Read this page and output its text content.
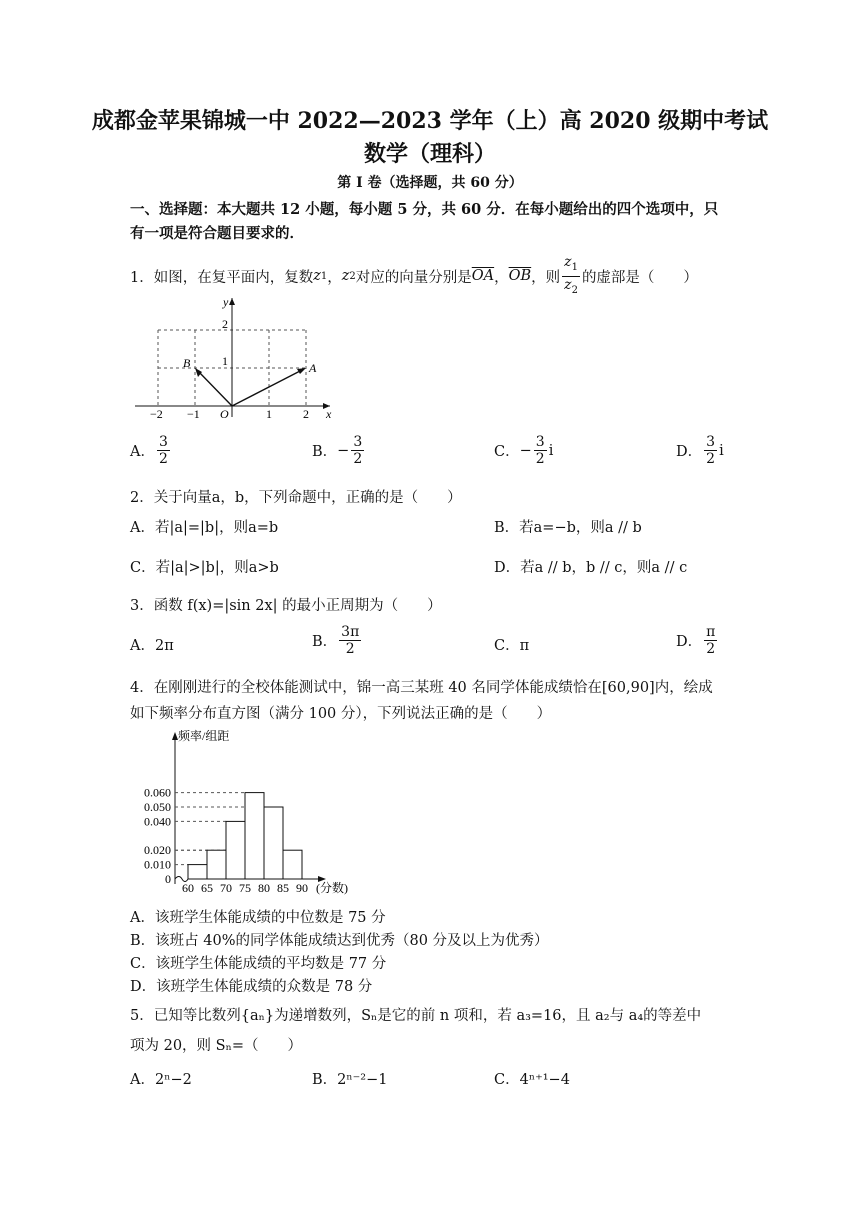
成都金苹果锦城一中 2022—2023 学年（上）高 2020 级期中考试
数学（理科）
第 I 卷（选择题，共 60 分）
一、选择题：本大题共 12 小题，每小题 5 分，共 60 分．在每小题给出的四个选项中，只
有一项是符合题目要求的．
1．如图，在复平面内，复数 z 1 ， z 2 对应的向量分别是 $\overline{OA}$ ， $\overline{OB}$ ，则 $\frac{z_1}{z_2}$ 的虚部是（　　）
y
x
O
A
B
−2 −1	1	2
2
1
A． $\frac{3}{2}$	B． − $\frac{3}{2}$	C． − $\frac{3}{2}$ i	D． $\frac{3}{2}$ i
2．关于向量a，b，下列命题中，正确的是（　　）
A．若|a|=|b|，则a=b	B．若a=−b，则a // b
C．若|a|>|b|，则a>b	D．若a // b，b // c，则a // c
3．函数 f(x)=|sin 2x| 的最小正周期为（　　）
A．2π	B． $\frac{3\pi}{2}$	C．π	D． $\frac{\pi}{2}$
4．在刚刚进行的全校体能测试中，锦一高三某班 40 名同学体能成绩恰在[60,90]内，绘成
如下频率分布直方图（满分 100 分），下列说法正确的是（　　）
频率/组距
0.060
0.050
0.040
0.020
0.010
0
60 65 70 75 80 85 90 (分数)
A．该班学生体能成绩的中位数是 75 分
B．该班占 40%的同学体能成绩达到优秀（80 分及以上为优秀）
C．该班学生体能成绩的平均数是 77 分
D．该班学生体能成绩的众数是 78 分
5．已知等比数列{aₙ}为递增数列，Sₙ是它的前 n 项和，若 a₃=16，且 a₂与 a₄的等差中
项为 20，则 Sₙ=（　　）
A．2ⁿ−2	B．2ⁿ⁻²−1	C．4ⁿ⁺¹−4
